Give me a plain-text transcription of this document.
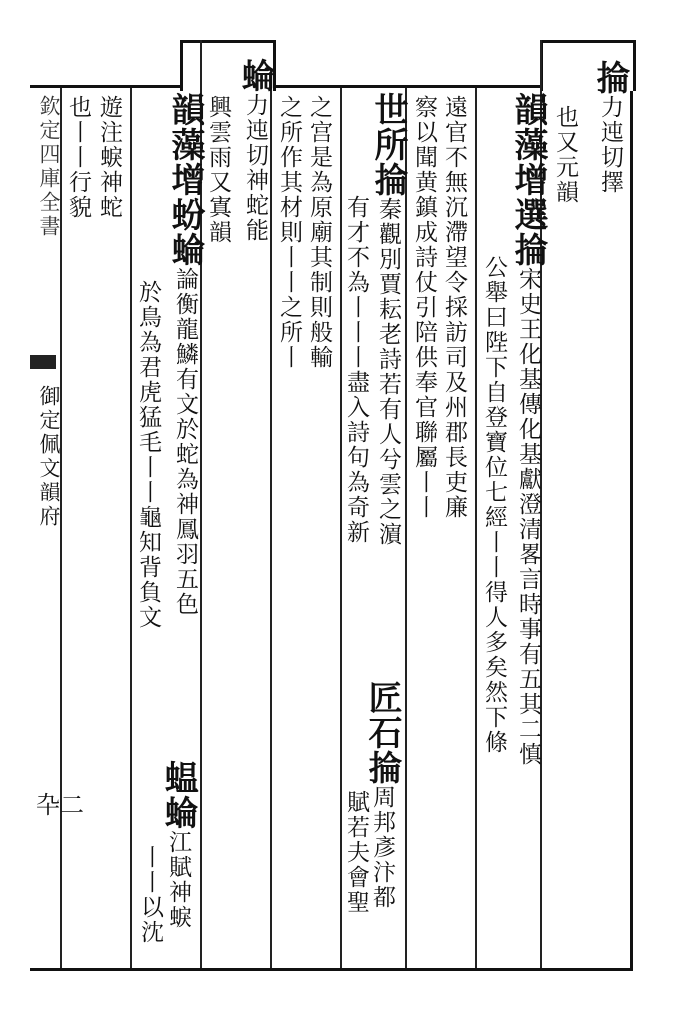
掄力迍切擇
也又元韻
韻藻增選掄宋史王化基傳化基獻澄清畧言時事有五其二慎
公舉曰陛下自登寶位七經丨丨得人多矣然下條
遠官不無沉滯望令採訪司及州郡長吏廉
察以聞黄鎮成詩仗引陪供奉官聯屬丨丨
世所掄秦觀別賈耘老詩若有人兮雲之濵
有才不為丨丨丨盡入詩句為奇新
匠石掄周邦彥汴都
賦若夫會聖
之宫是為原廟其制則般輸
之所作其材則丨丨之所丨
蜦力迍切神蛇能
興雲雨又寘韻
韻藻增蚡蜦論衡龍鱗有文於蛇為神鳳羽五色
於鳥為君虎猛毛丨丨龜知背負文
蝹蜦江賦神蜧
丨丨以沈
遊注蜧神蛇
也丨丨行貌
欽定四庫全書
御定佩文韻府
卆二
